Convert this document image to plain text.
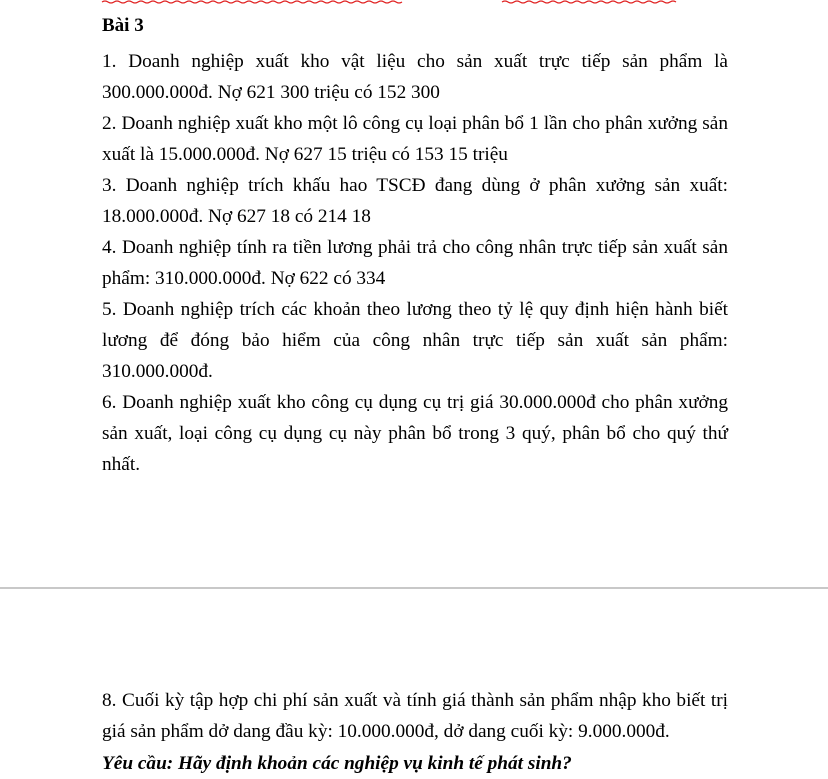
Bài 3

1. Doanh nghiệp xuất kho vật liệu cho sản xuất trực tiếp sản phẩm là 300.000.000đ. Nợ 621 300 triệu có 152 300

2. Doanh nghiệp xuất kho một lô công cụ loại phân bổ 1 lần cho phân xưởng sản xuất là 15.000.000đ. Nợ 627 15 triệu có 153 15 triệu

3. Doanh nghiệp trích khấu hao TSCĐ đang dùng ở phân xưởng sản xuất: 18.000.000đ. Nợ 627 18 có 214 18

4. Doanh nghiệp tính ra tiền lương phải trả cho công nhân trực tiếp sản xuất sản phẩm: 310.000.000đ. Nợ 622 có 334

5. Doanh nghiệp trích các khoản theo lương theo tỷ lệ quy định hiện hành biết lương để đóng bảo hiểm của công nhân trực tiếp sản xuất sản phẩm: 310.000.000đ.

6. Doanh nghiệp xuất kho công cụ dụng cụ trị giá 30.000.000đ cho phân xưởng sản xuất, loại công cụ dụng cụ này phân bổ trong 3 quý, phân bổ cho quý thứ nhất.

8. Cuối kỳ tập hợp chi phí sản xuất và tính giá thành sản phẩm nhập kho biết trị giá sản phẩm dở dang đầu kỳ: 10.000.000đ, dở dang cuối kỳ: 9.000.000đ.

Yêu cầu: Hãy định khoản các nghiệp vụ kinh tế phát sinh?
